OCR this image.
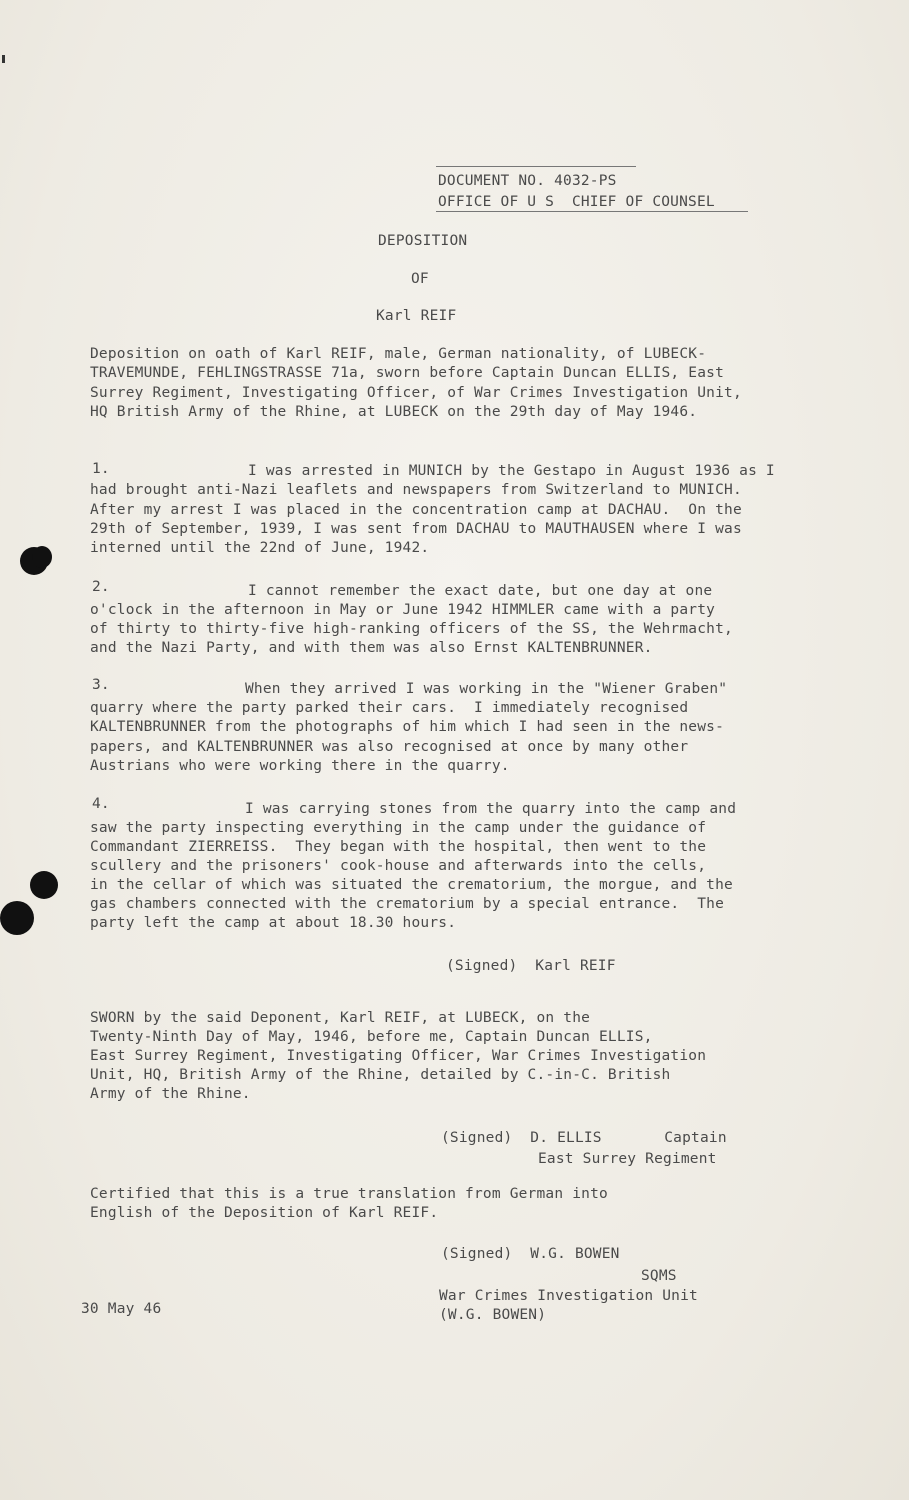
DOCUMENT NO. 4032-PS
OFFICE OF U S  CHIEF OF COUNSEL
DEPOSITION
OF
Karl REIF
Deposition on oath of Karl REIF, male, German nationality, of LUBECK-
TRAVEMUNDE, FEHLINGSTRASSE 71a, sworn before Captain Duncan ELLIS, East
Surrey Regiment, Investigating Officer, of War Crimes Investigation Unit,
HQ British Army of the Rhine, at LUBECK on the 29th day of May 1946.
1.	I was arrested in MUNICH by the Gestapo in August 1936 as I
had brought anti-Nazi leaflets and newspapers from Switzerland to MUNICH.
After my arrest I was placed in the concentration camp at DACHAU.  On the
29th of September, 1939, I was sent from DACHAU to MAUTHAUSEN where I was
interned until the 22nd of June, 1942.
2.	I cannot remember the exact date, but one day at one
o'clock in the afternoon in May or June 1942 HIMMLER came with a party
of thirty to thirty-five high-ranking officers of the SS, the Wehrmacht,
and the Nazi Party, and with them was also Ernst KALTENBRUNNER.
3.	When they arrived I was working in the "Wiener Graben"
quarry where the party parked their cars.  I immediately recognised
KALTENBRUNNER from the photographs of him which I had seen in the news-
papers, and KALTENBRUNNER was also recognised at once by many other
Austrians who were working there in the quarry.
4.	I was carrying stones from the quarry into the camp and
saw the party inspecting everything in the camp under the guidance of
Commandant ZIERREISS.  They began with the hospital, then went to the
scullery and the prisoners' cook-house and afterwards into the cells,
in the cellar of which was situated the crematorium, the morgue, and the
gas chambers connected with the crematorium by a special entrance.  The
party left the camp at about 18.30 hours.
(Signed)  Karl REIF
SWORN by the said Deponent, Karl REIF, at LUBECK, on the
Twenty-Ninth Day of May, 1946, before me, Captain Duncan ELLIS,
East Surrey Regiment, Investigating Officer, War Crimes Investigation
Unit, HQ, British Army of the Rhine, detailed by C.-in-C. British
Army of the Rhine.
(Signed)  D. ELLIS       Captain
East Surrey Regiment
Certified that this is a true translation from German into
English of the Deposition of Karl REIF.
(Signed)  W.G. BOWEN
SQMS
War Crimes Investigation Unit
(W.G. BOWEN)
30 May 46
